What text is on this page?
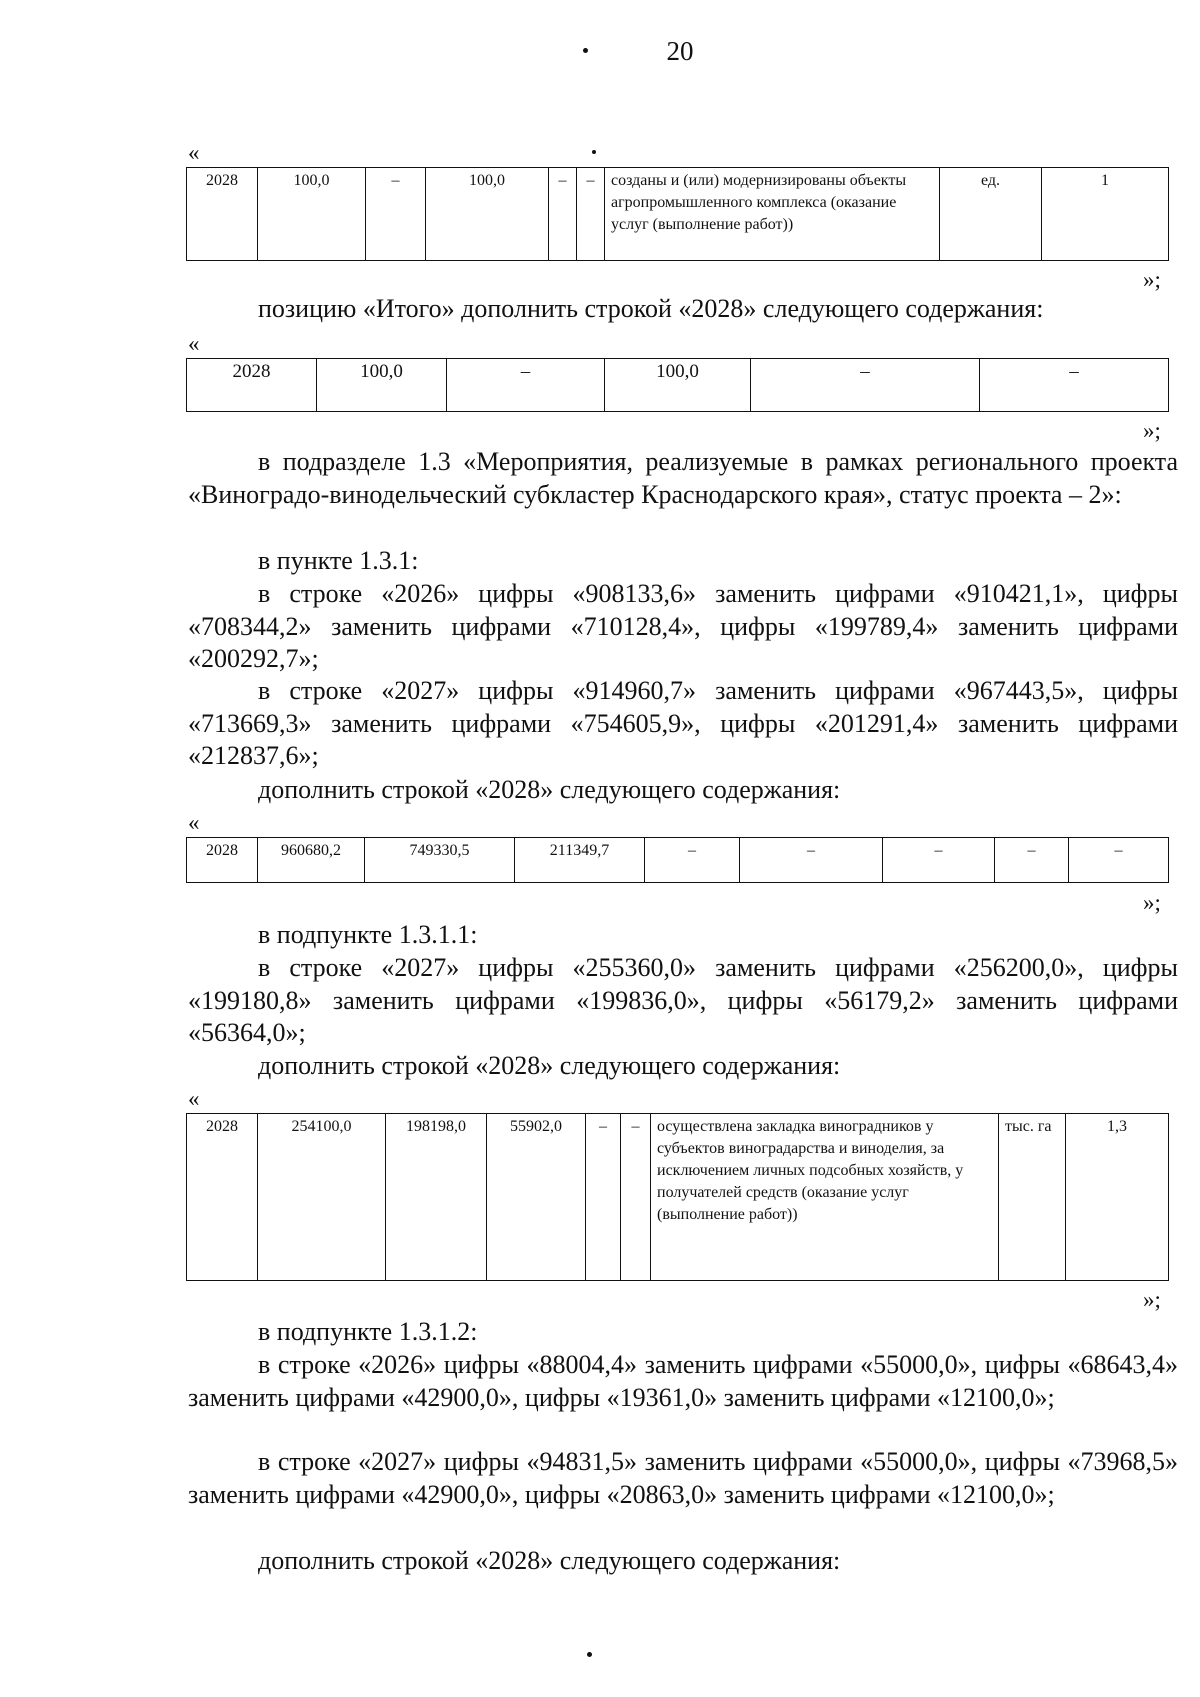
20
«
2028	100,0	–	100,0	–	–	созданы и (или) модернизированы объекты агропромышленного комплекса (оказание услуг (выполнение работ))	ед.	1
»;
позицию «Итого» дополнить строкой «2028» следующего содержания:
«
2028	100,0	–	100,0	–	–
»;

в подразделе 1.3 «Мероприятия, реализуемые в рамках регионального проекта «Виноградо-винодельческий субкластер Краснодарского края», статус проекта – 2»:

в пункте 1.3.1:

в строке «2026» цифры «908133,6» заменить цифрами «910421,1», цифры «708344,2» заменить цифрами «710128,4», цифры «199789,4» заменить цифрами «200292,7»;

в строке «2027» цифры «914960,7» заменить цифрами «967443,5», цифры «713669,3» заменить цифрами «754605,9», цифры «201291,4» заменить цифрами «212837,6»;

дополнить строкой «2028» следующего содержания:
«
2028	960680,2	749330,5	211349,7	–	–	–	–	–
»;
в подпункте 1.3.1.1:

в строке «2027» цифры «255360,0» заменить цифрами «256200,0», цифры «199180,8» заменить цифрами «199836,0», цифры «56179,2» заменить цифрами «56364,0»;

дополнить строкой «2028» следующего содержания:
«
2028	254100,0	198198,0	55902,0	–	–	осуществлена закладка виноградников у субъектов виноградарства и виноделия, за исключением личных подсобных хозяйств, у получателей средств (оказание услуг (выполнение работ))	тыс. га	1,3
»;
в подпункте 1.3.1.2:

в строке «2026» цифры «88004,4» заменить цифрами «55000,0», цифры «68643,4» заменить цифрами «42900,0», цифры «19361,0» заменить цифрами «12100,0»;

в строке «2027» цифры «94831,5» заменить цифрами «55000,0», цифры «73968,5» заменить цифрами «42900,0», цифры «20863,0» заменить цифрами «12100,0»;

дополнить строкой «2028» следующего содержания:
